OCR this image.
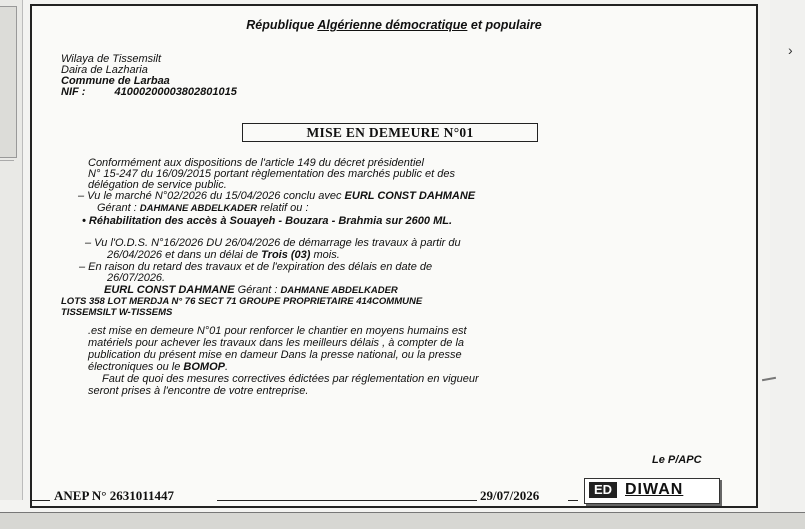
›
République Algérienne démocratique et populaire
Wilaya de Tissemsilt
Daira de Lazharia
Commune de Larbaa
NIF :	41000200003802801015
MISE EN DEMEURE N°01
Conformément aux dispositions de l'article 149 du décret présidentiel
N° 15-247 du 16/09/2015 portant règlementation des marchés public et des
délégation de service public.
– Vu le marché N°02/2026 du 15/04/2026 conclu avec EURL CONST DAHMANE
Gérant : DAHMANE ABDELKADER relatif ou :
• Réhabilitation des accès à Souayeh - Bouzara - Brahmia sur 2600 ML.
– Vu l'O.D.S. N°16/2026 DU 26/04/2026 de démarrage les travaux à partir du
26/04/2026 et dans un délai de Trois (03) mois.
– En raison du retard des travaux et de l'expiration des délais en date de
26/07/2026.
EURL CONST DAHMANE Gérant : DAHMANE ABDELKADER
LOTS 358 LOT MERDJA N° 76 SECT 71 GROUPE PROPRIETAIRE 414COMMUNE
TISSEMSILT W-TISSEMS
.est mise en demeure N°01 pour renforcer le chantier en moyens humains est
matériels pour achever les travaux dans les meilleurs délais , à compter de la
publication du présent mise en dameur Dans la presse national, ou la presse
électroniques ou le BOMOP.
Faut de quoi des mesures correctives édictées par réglementation en vigueur
seront prises à l'encontre de votre entreprise.
Le P/APC
ANEP N° 2631011447	29/07/2026	ED DIWAN
